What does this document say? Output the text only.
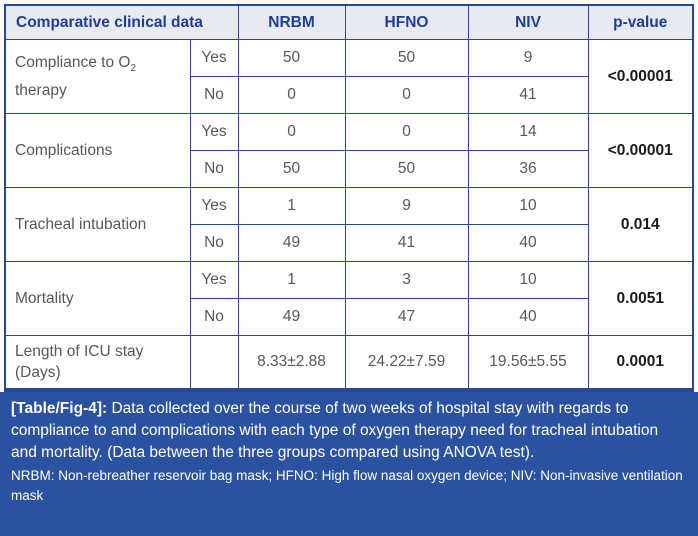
Comparative clinical data		NRBM	HFNO	NIV	p-value

Compliance to $O_2$
therapy	Yes	50	50	9	<0.00001
	No	0	0	41	
Complications	Yes	0	0	14	<0.00001
	No	50	50	36	
Tracheal intubation	Yes	1	9	10	0.014
	No	49	41	40	
Mortality	Yes	1	3	10	0.0051
	No	49	47	40	

Length of ICU stay
(Days)		8.33±2.88	24.22±7.59	19.56±5.55	0.0001

[Table/Fig-4]: Data collected over the course of two weeks of hospital stay with regards to compliance to and complications with each type of oxygen therapy need for tracheal intubation and mortality. (Data between the three groups compared using ANOVA test).

NRBM: Non-rebreather reservoir bag mask; HFNO: High flow nasal oxygen device; NIV: Non-invasive ventilation mask
